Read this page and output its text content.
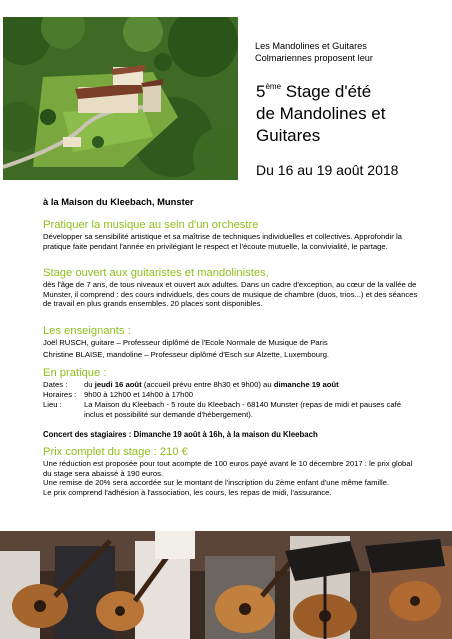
Les Mandolines et Guitares
Colmariennes proposent leur
5ème Stage d'été
de Mandolines et
Guitares
Du 16 au 19 août 2018
à la Maison du Kleebach, Munster
Pratiquer la musique au sein d'un orchestre
Développer sa sensibilité artistique et sa maîtrise de techniques individuelles et collectives. Approfondir la pratique faite pendant l'année en privilégiant le respect et l'écoute mutuelle, la convivialité, le partage.
Stage ouvert aux guitaristes et mandolinistes,
dès l'âge de 7 ans, de tous niveaux et ouvert aux adultes. Dans un cadre d'exception, au cœur de la vallée de Munster, il comprend : des cours individuels, des cours de musique de chambre (duos, trios...) et des séances de travail en plus grands ensembles. 20 places sont disponibles.
Les enseignants :
Joël RUSCH, guitare – Professeur diplômé de l'Ecole Normale de Musique de Paris
Christine BLAISE, mandoline – Professeur diplômé d'Esch sur Alzette, Luxembourg.
En pratique :
Dates :	du jeudi 16 août (accueil prévu entre 8h30 et 9h00) au dimanche 19 août
Horaires :	9h00 à 12h00 et 14h00 à 17h00
Lieu :	La Maison du Kleebach - 5 route du Kleebach - 68140 Munster (repas de midi et pauses café inclus et possibilité sur demande d'hébergement).
Concert des stagiaires : Dimanche 19 août à 16h, à la maison du Kleebach
Prix complet du stage : 210 €
Une réduction est proposée pour tout acompte de 100 euros payé avant le 10 décembre 2017 : le prix global du stage sera abaissé à 190 euros.
Une remise de 20% sera accordée sur le montant de l'inscription du 2ème enfant d'une même famille.
Le prix comprend l'adhésion à l'association, les cours, les repas de midi, l'assurance.
